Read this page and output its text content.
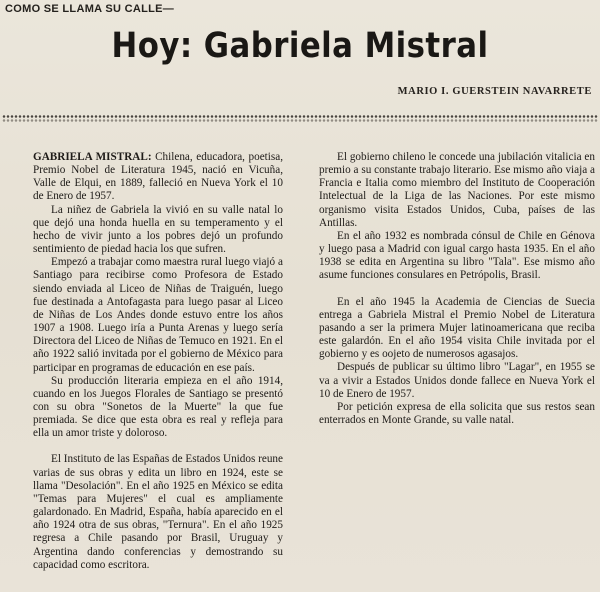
COMO SE LLAMA SU CALLE—
Hoy: Gabriela Mistral
MARIO I. GUERSTEIN NAVARRETE

GABRIELA MISTRAL: Chilena, educadora, poetisa, Premio Nobel de Literatura 1945, nació en Vicuña, Valle de Elqui, en 1889, falleció en Nueva York el 10 de Enero de 1957.

La niñez de Gabriela la vivió en su valle natal lo que dejó una honda huella en su temperamento y el hecho de vivir junto a los pobres dejó un profundo sentimiento de piedad hacia los que sufren.

Empezó a trabajar como maestra rural luego viajó a Santiago para recibirse como Profesora de Estado siendo enviada al Liceo de Niñas de Traiguén, luego fue destinada a Antofagasta para luego pasar al Liceo de Niñas de Los Andes donde estuvo entre los años 1907 a 1908. Luego iría a Punta Arenas y luego sería Directora del Liceo de Niñas de Temuco en 1921. En el año 1922 salió invitada por el gobierno de México para participar en programas de educación en ese país.

Su producción literaria empieza en el año 1914, cuando en los Juegos Florales de Santiago se presentó con su obra "Sonetos de la Muerte" la que fue premiada. Se dice que esta obra es real y refleja para ella un amor triste y doloroso.

El Instituto de las Españas de Estados Unidos reune varias de sus obras y edita un libro en 1924, este se llama "Desolación". En el año 1925 en México se edita "Temas para Mujeres" el cual es ampliamente galardonado. En Madrid, España, había aparecido en el año 1924 otra de sus obras, "Ternura". En el año 1925 regresa a Chile pasando por Brasil, Uruguay y Argentina dando conferencias y demostrando su capacidad como escritora.

El gobierno chileno le concede una jubilación vitalicia en premio a su constante trabajo literario. Ese mismo año viaja a Francia e Italia como miembro del Instituto de Cooperación Intelectual de la Liga de las Naciones. Por este mismo organismo visita Estados Unidos, Cuba, países de las Antillas.

En el año 1932 es nombrada cónsul de Chile en Génova y luego pasa a Madrid con igual cargo hasta 1935. En el año 1938 se edita en Argentina su libro "Tala". Ese mismo año asume funciones consulares en Petrópolis, Brasil.

En el año 1945 la Academia de Ciencias de Suecia entrega a Gabriela Mistral el Premio Nobel de Literatura pasando a ser la primera Mujer latinoamericana que reciba este galardón. En el año 1954 visita Chile invitada por el gobierno y es oojeto de numerosos agasajos.

Después de publicar su último libro "Lagar", en 1955 se va a vivir a Estados Unidos donde fallece en Nueva York el 10 de Enero de 1957.

Por petición expresa de ella solicita que sus restos sean enterrados en Monte Grande, su valle natal.
